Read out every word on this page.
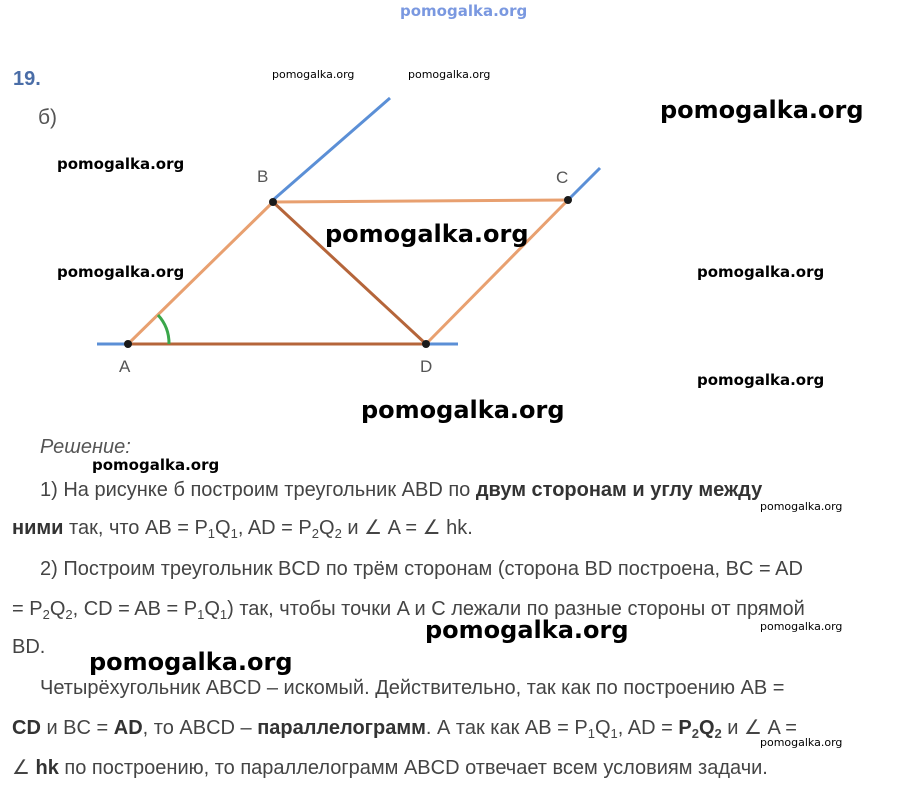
pomogalka.org
19.
б)
A
B	C
D
pomogalka.org	pomogalka.org
pomogalka.org
pomogalka.org
pomogalka.org
pomogalka.org	pomogalka.org
pomogalka.org
pomogalka.org
pomogalka.org
pomogalka.org
pomogalka.org	pomogalka.org
pomogalka.org
pomogalka.org
Решение:
1) На рисунке б построим треугольник ABD по двум сторонам и углу между
ними так, что AB = $P_1Q_1$, AD = $P_2Q_2$ и ∠ A = ∠ hk.
2) Построим треугольник BCD по трём сторонам (сторона BD построена, BC = AD
= $P_2Q_2$, CD = AB = $P_1Q_1$) так, чтобы точки A и C лежали по разные стороны от прямой
BD.
Четырёхугольник ABCD – искомый. Действительно, так как по построению AB =
CD и BC = AD, то ABCD – параллелограмм. А так как AB = $P_1Q_1$, AD = $P_2Q_2$ и ∠ A =
∠ hk по построению, то параллелограмм ABCD отвечает всем условиям задачи.
